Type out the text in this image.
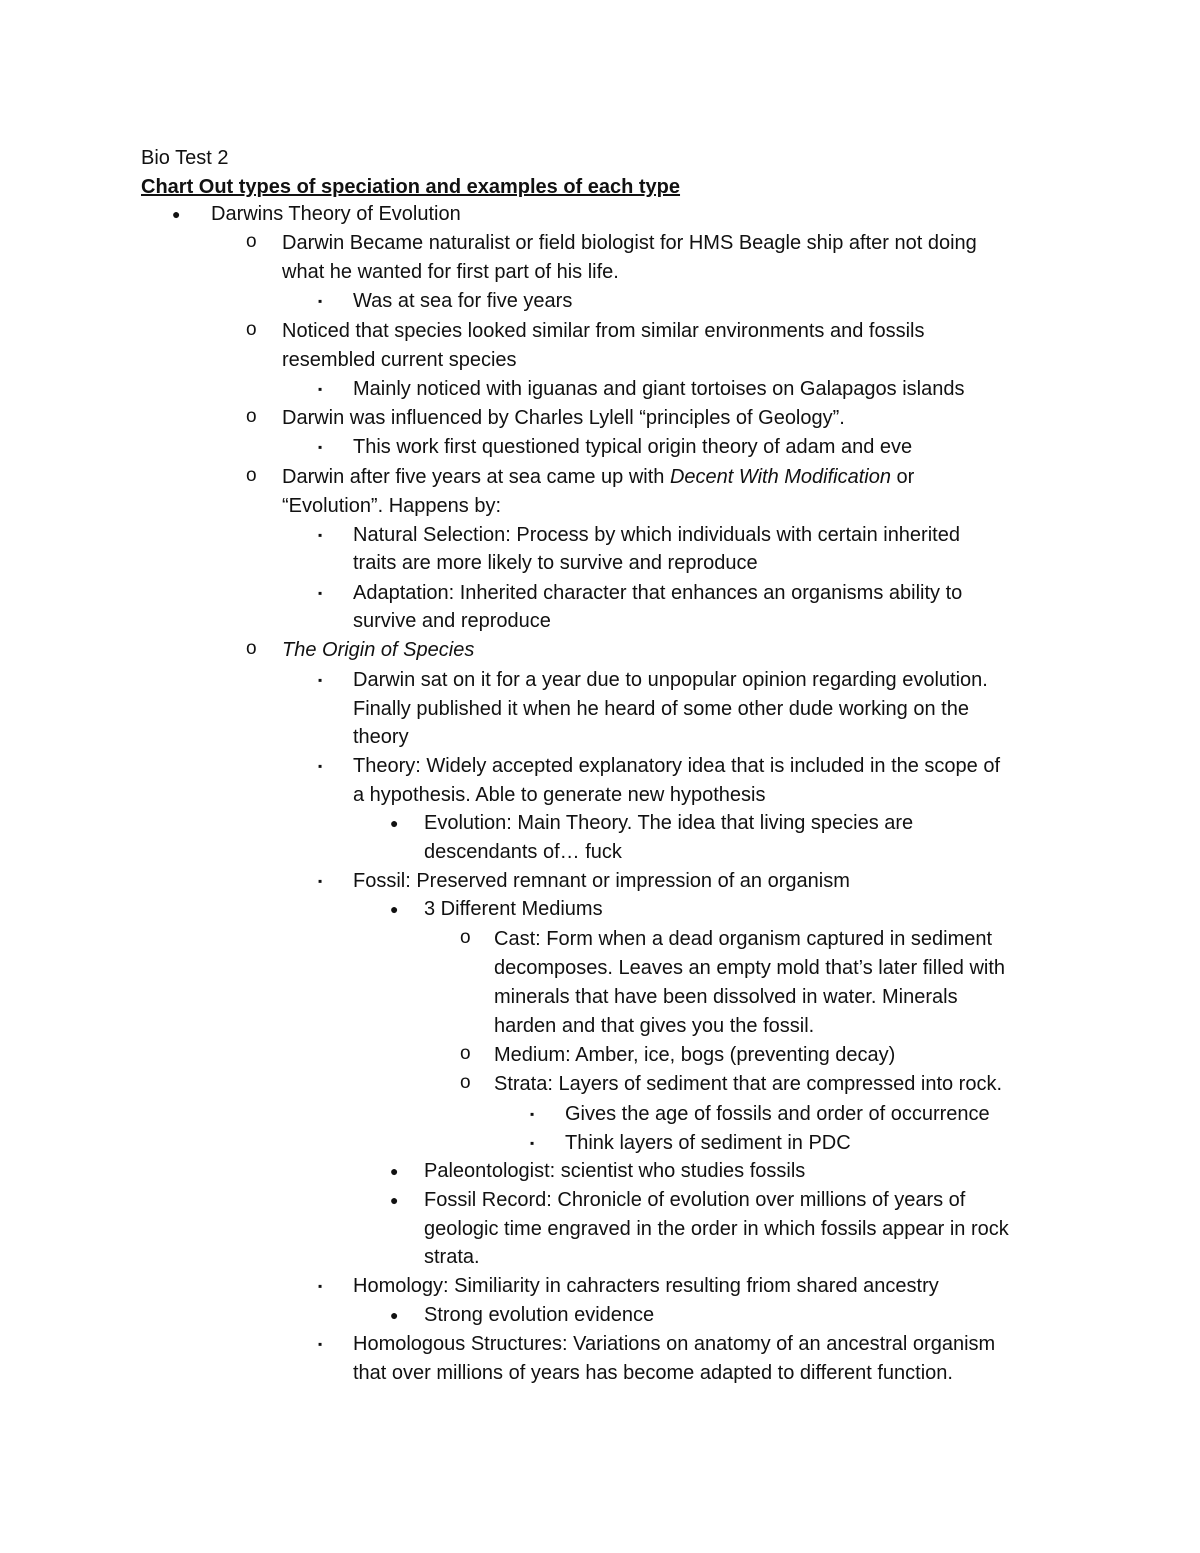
Bio Test 2
Chart Out types of speciation and examples of each type
● Darwins Theory of Evolution
o Darwin Became naturalist or field biologist for HMS Beagle ship after not doing
what he wanted for first part of his life.
▪ Was at sea for five years
o Noticed that species looked similar from similar environments and fossils
resembled current species
▪ Mainly noticed with iguanas and giant tortoises on Galapagos islands
o Darwin was influenced by Charles Lylell “principles of Geology”.
▪ This work first questioned typical origin theory of adam and eve
o Darwin after five years at sea came up with Decent With Modification or
“Evolution”. Happens by:
▪ Natural Selection: Process by which individuals with certain inherited
traits are more likely to survive and reproduce
▪ Adaptation: Inherited character that enhances an organisms ability to
survive and reproduce
o The Origin of Species
▪ Darwin sat on it for a year due to unpopular opinion regarding evolution.
Finally published it when he heard of some other dude working on the
theory
▪ Theory: Widely accepted explanatory idea that is included in the scope of
a hypothesis. Able to generate new hypothesis
● Evolution: Main Theory. The idea that living species are
descendants of… fuck
▪ Fossil: Preserved remnant or impression of an organism
● 3 Different Mediums
o Cast: Form when a dead organism captured in sediment
decomposes. Leaves an empty mold that’s later filled with
minerals that have been dissolved in water. Minerals
harden and that gives you the fossil.
o Medium: Amber, ice, bogs (preventing decay)
o Strata: Layers of sediment that are compressed into rock.
▪ Gives the age of fossils and order of occurrence
▪ Think layers of sediment in PDC
● Paleontologist: scientist who studies fossils
● Fossil Record: Chronicle of evolution over millions of years of
geologic time engraved in the order in which fossils appear in rock
strata.
▪ Homology: Similiarity in cahracters resulting friom shared ancestry
● Strong evolution evidence
▪ Homologous Structures: Variations on anatomy of an ancestral organism
that over millions of years has become adapted to different function.
